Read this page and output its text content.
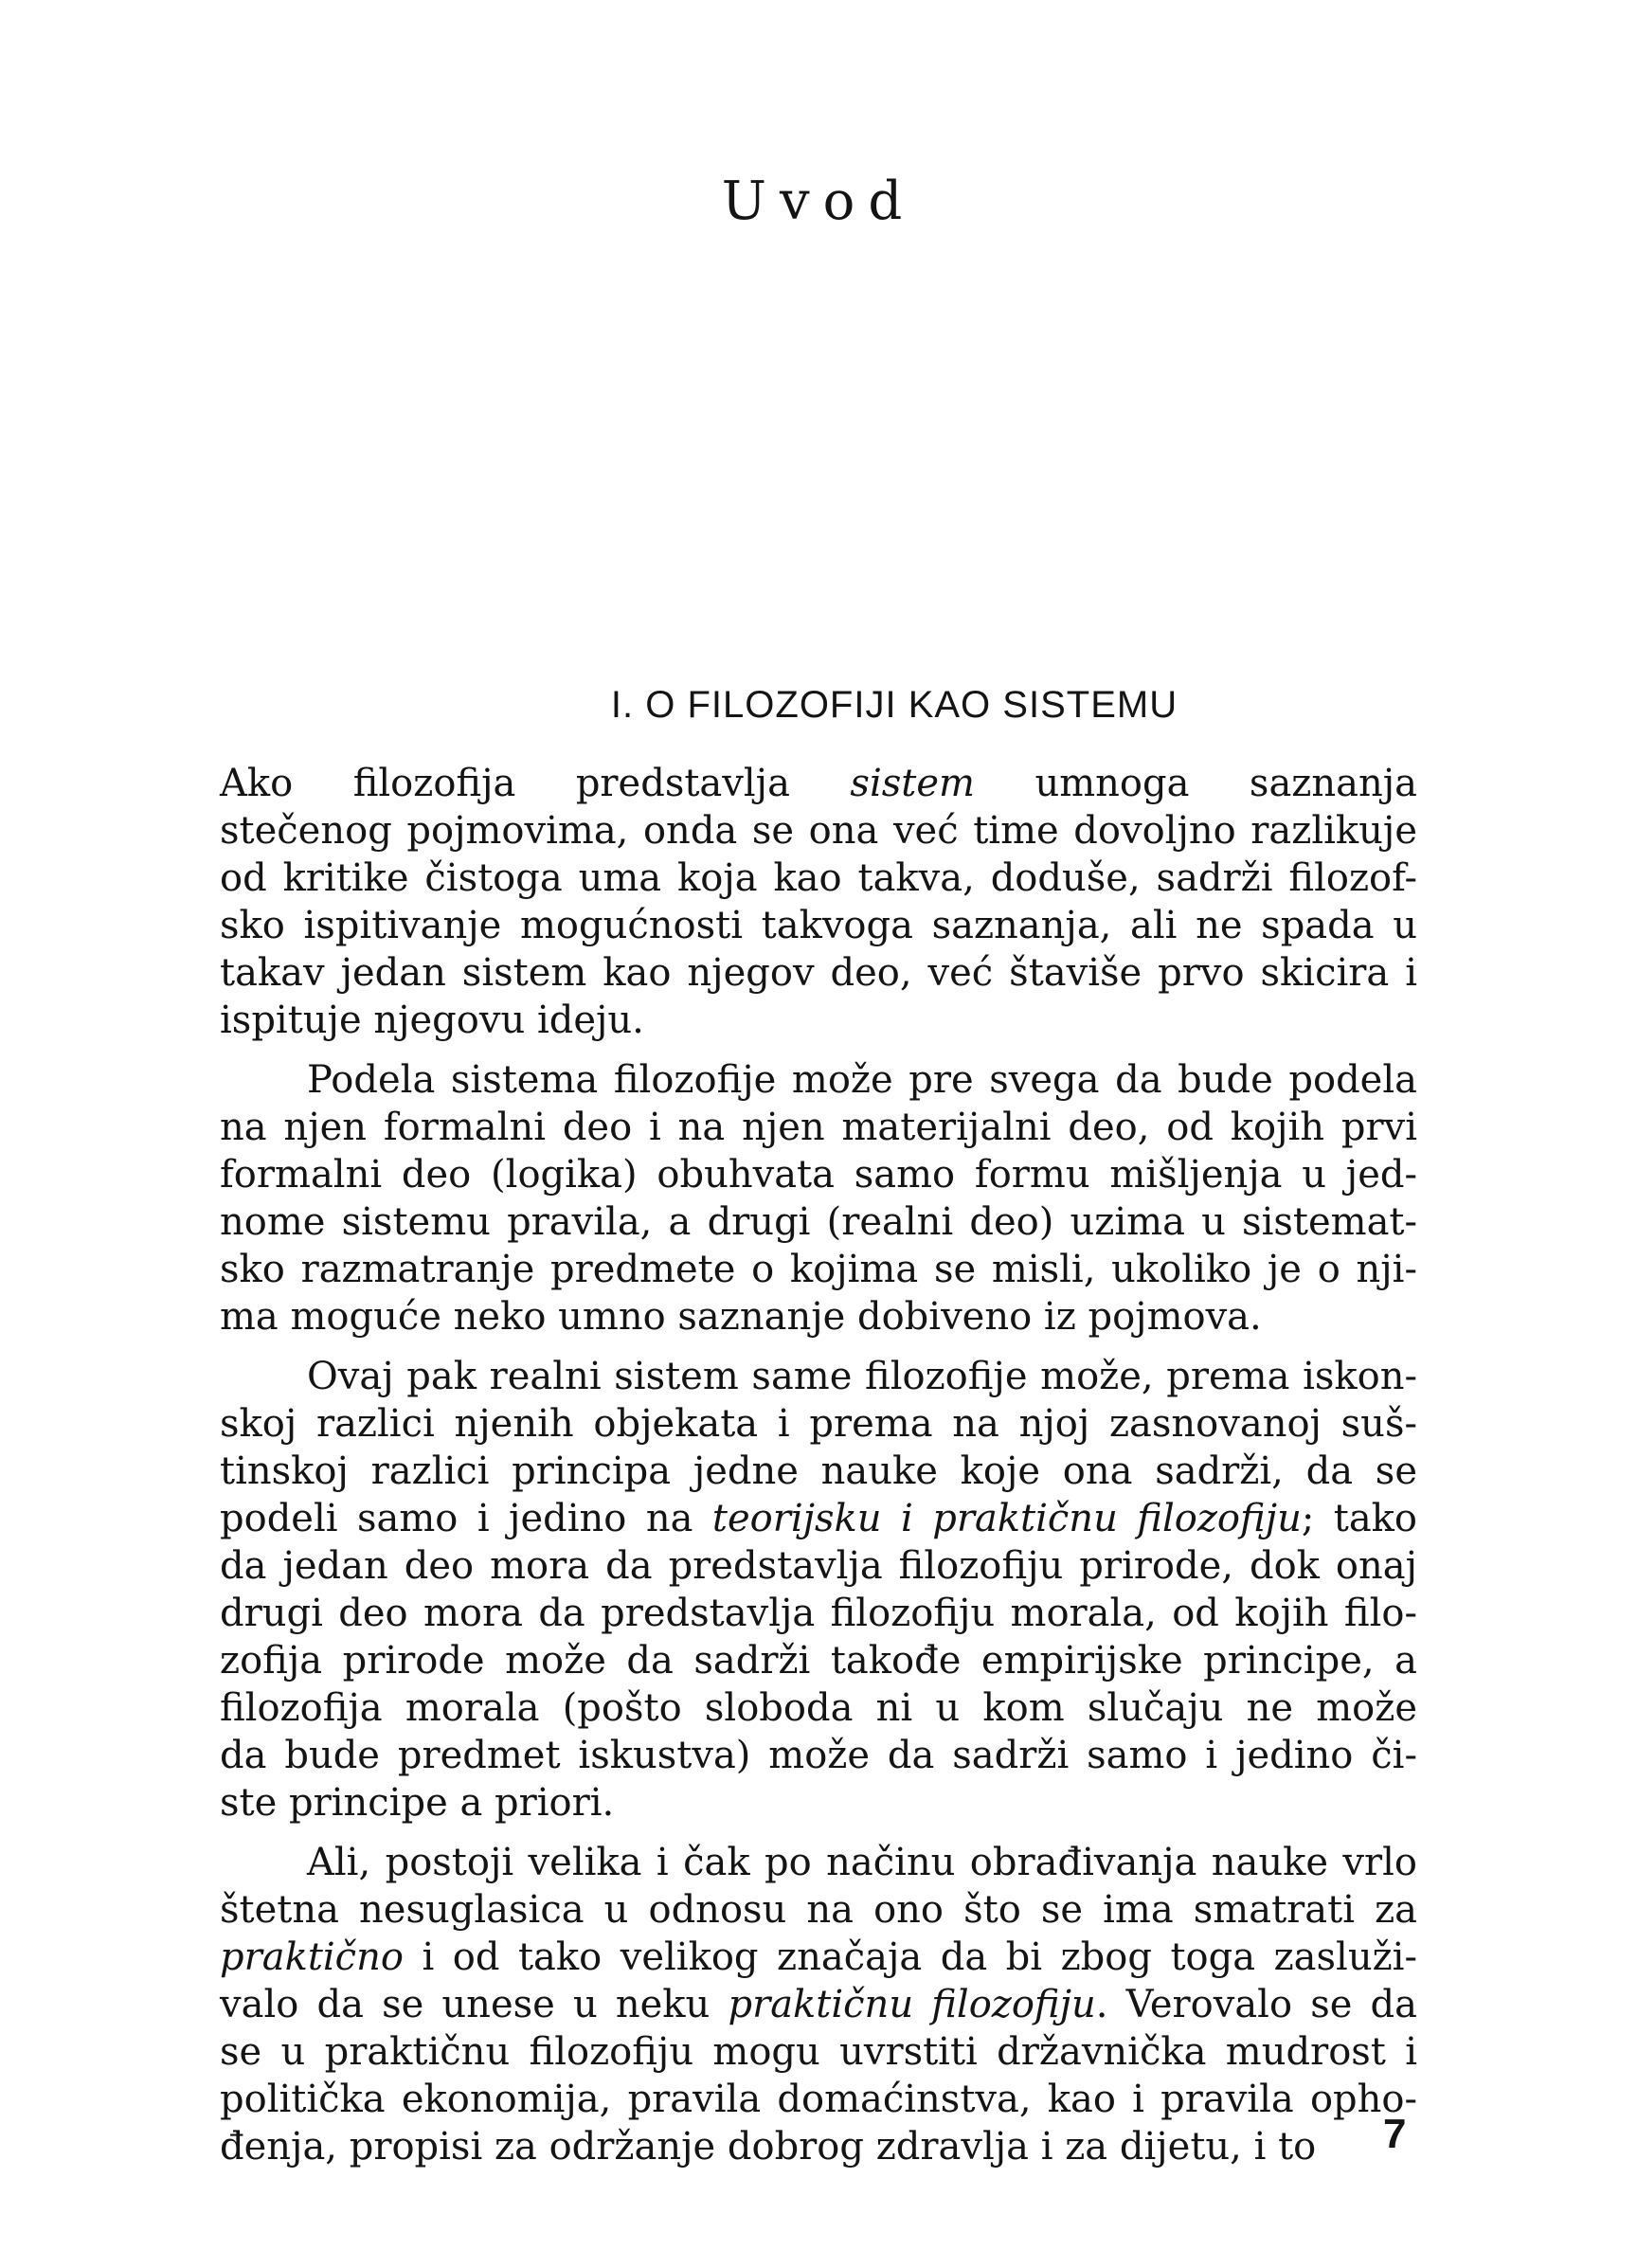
Uvod
I. O FILOZOFIJI KAO SISTEMU
Ako filozofija predstavlja sistem umnoga saznanja
stečenog pojmovima, onda se ona već time dovoljno razlikuje
od kritike čistoga uma koja kao takva, doduše, sadrži filozof-
sko ispitivanje mogućnosti takvoga saznanja, ali ne spada u
takav jedan sistem kao njegov deo, već štaviše prvo skicira i
ispituje njegovu ideju.
Podela sistema filozofije može pre svega da bude podela
na njen formalni deo i na njen materijalni deo, od kojih prvi
formalni deo (logika) obuhvata samo formu mišljenja u jed-
nome sistemu pravila, a drugi (realni deo) uzima u sistemat-
sko razmatranje predmete o kojima se misli, ukoliko je o nji-
ma moguće neko umno saznanje dobiveno iz pojmova.
Ovaj pak realni sistem same filozofije može, prema iskon-
skoj razlici njenih objekata i prema na njoj zasnovanoj suš-
tinskoj razlici principa jedne nauke koje ona sadrži, da se
podeli samo i jedino na teorijsku i praktičnu filozofiju; tako
da jedan deo mora da predstavlja filozofiju prirode, dok onaj
drugi deo mora da predstavlja filozofiju morala, od kojih filo-
zofija prirode može da sadrži takođe empirijske principe, a
filozofija morala (pošto sloboda ni u kom slučaju ne može
da bude predmet iskustva) može da sadrži samo i jedino či-
ste principe a priori.
Ali, postoji velika i čak po načinu obrađivanja nauke vrlo
štetna nesuglasica u odnosu na ono što se ima smatrati za
praktično i od tako velikog značaja da bi zbog toga zasluži-
valo da se unese u neku praktičnu filozofiju. Verovalo se da
se u praktičnu filozofiju mogu uvrstiti državnička mudrost i
politička ekonomija, pravila domaćinstva, kao i pravila opho-
đenja, propisi za održanje dobrog zdravlja i za dijetu, i to	7
